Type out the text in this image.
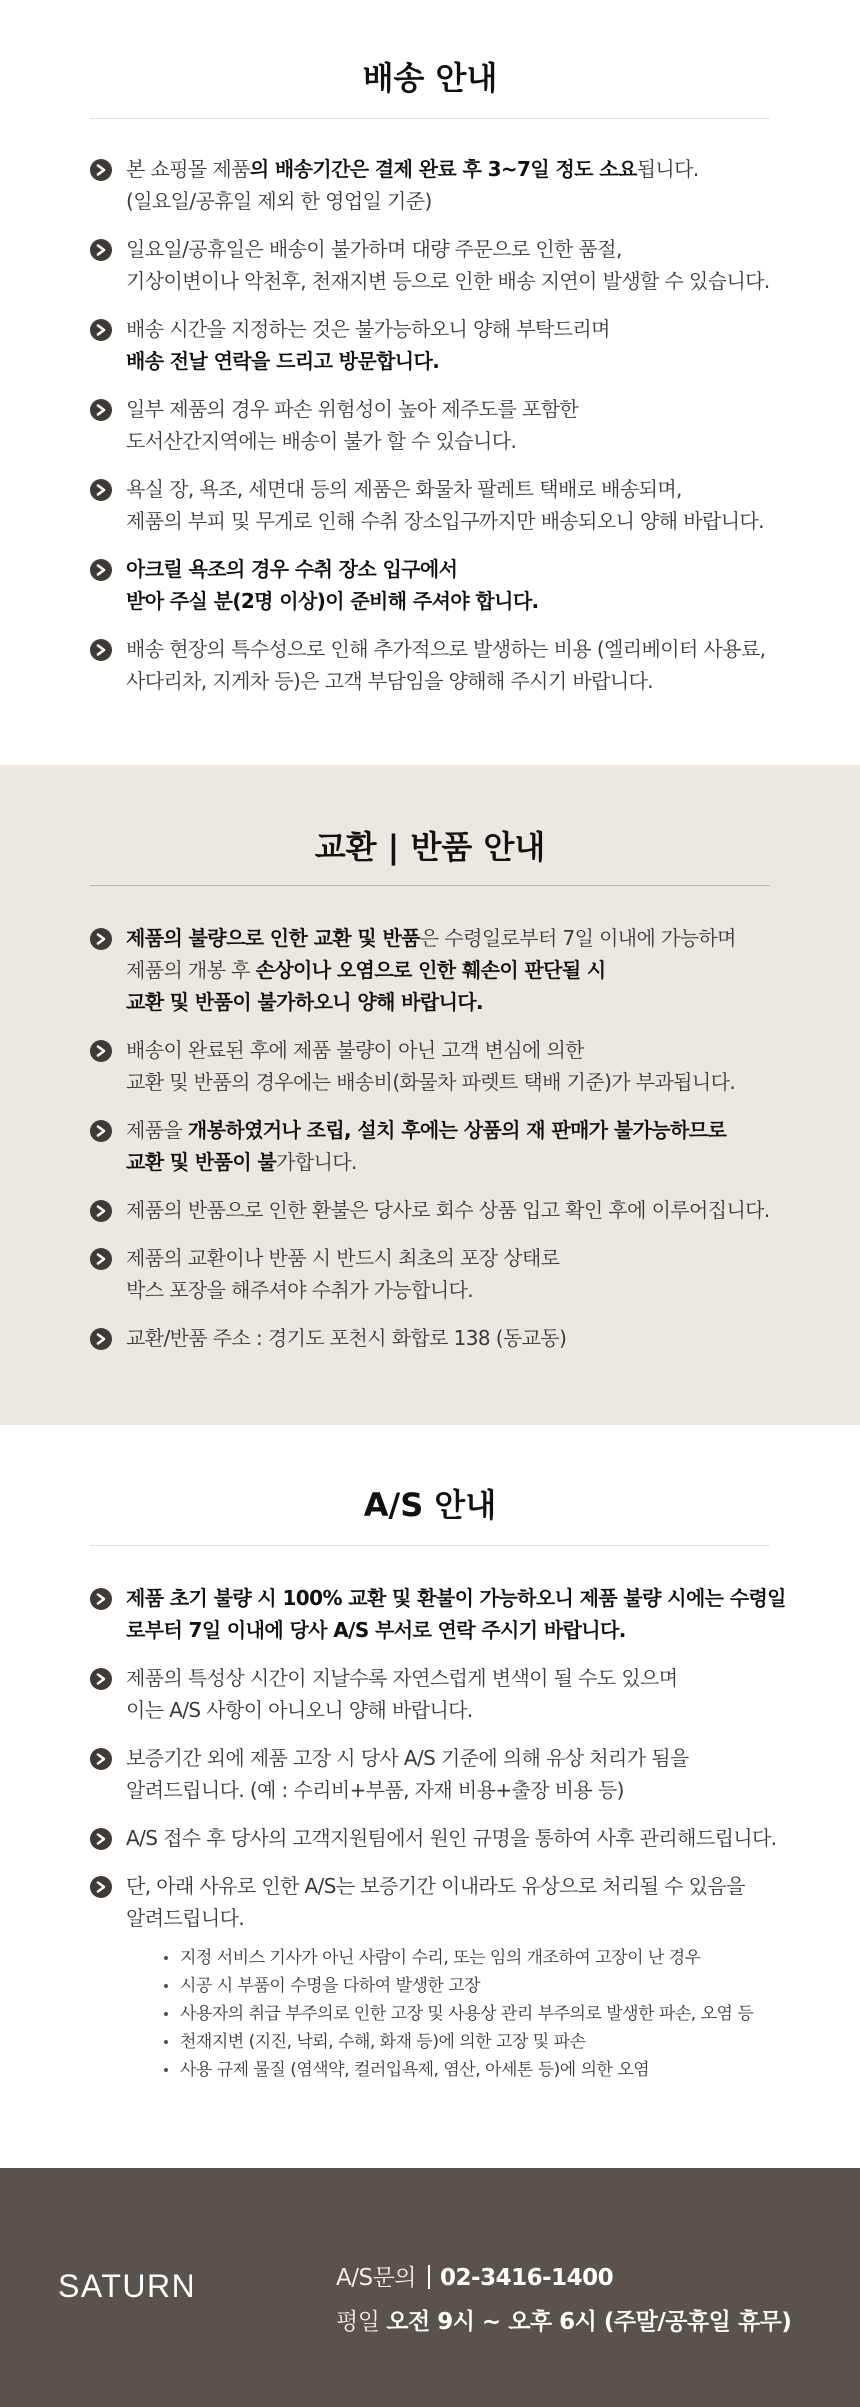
배송 안내
본 쇼핑몰 제품의 배송기간은 결제 완료 후 3~7일 정도 소요됩니다.
(일요일/공휴일 제외 한 영업일 기준)
일요일/공휴일은 배송이 불가하며 대량 주문으로 인한 품절,
기상이변이나 악천후, 천재지변 등으로 인한 배송 지연이 발생할 수 있습니다.
배송 시간을 지정하는 것은 불가능하오니 양해 부탁드리며
배송 전날 연락을 드리고 방문합니다.
일부 제품의 경우 파손 위험성이 높아 제주도를 포함한
도서산간지역에는 배송이 불가 할 수 있습니다.
욕실 장, 욕조, 세면대 등의 제품은 화물차 팔레트 택배로 배송되며,
제품의 부피 및 무게로 인해 수취 장소입구까지만 배송되오니 양해 바랍니다.
아크릴 욕조의 경우 수취 장소 입구에서
받아 주실 분(2명 이상)이 준비해 주셔야 합니다.
배송 현장의 특수성으로 인해 추가적으로 발생하는 비용 (엘리베이터 사용료,
사다리차, 지게차 등)은 고객 부담임을 양해해 주시기 바랍니다.
교환 | 반품 안내
제품의 불량으로 인한 교환 및 반품은 수령일로부터 7일 이내에 가능하며
제품의 개봉 후 손상이나 오염으로 인한 훼손이 판단될 시
교환 및 반품이 불가하오니 양해 바랍니다.
배송이 완료된 후에 제품 불량이 아닌 고객 변심에 의한
교환 및 반품의 경우에는 배송비(화물차 파렛트 택배 기준)가 부과됩니다.
제품을 개봉하였거나 조립, 설치 후에는 상품의 재 판매가 불가능하므로
교환 및 반품이 불가합니다.
제품의 반품으로 인한 환불은 당사로 회수 상품 입고 확인 후에 이루어집니다.
제품의 교환이나 반품 시 반드시 최초의 포장 상태로
박스 포장을 해주셔야 수취가 가능합니다.
교환/반품 주소 : 경기도 포천시 화합로 138 (동교동)
A/S 안내
제품 초기 불량 시 100% 교환 및 환불이 가능하오니 제품 불량 시에는 수령일
로부터 7일 이내에 당사 A/S 부서로 연락 주시기 바랍니다.
제품의 특성상 시간이 지날수록 자연스럽게 변색이 될 수도 있으며
이는 A/S 사항이 아니오니 양해 바랍니다.
보증기간 외에 제품 고장 시 당사 A/S 기준에 의해 유상 처리가 됨을
알려드립니다. (예 : 수리비+부품, 자재 비용+출장 비용 등)
A/S 접수 후 당사의 고객지원팀에서 원인 규명을 통하여 사후 관리해드립니다.
단, 아래 사유로 인한 A/S는 보증기간 이내라도 유상으로 처리될 수 있음을
알려드립니다.
지정 서비스 기사가 아닌 사람이 수리, 또는 임의 개조하여 고장이 난 경우
시공 시 부품이 수명을 다하여 발생한 고장
사용자의 취급 부주의로 인한 고장 및 사용상 관리 부주의로 발생한 파손, 오염 등
천재지변 (지진, 낙뢰, 수해, 화재 등)에 의한 고장 및 파손
사용 규제 물질 (염색약, 컬러입욕제, 염산, 아세톤 등)에 의한 오염
SATURN	A/S문의 02-3416-1400
평일 오전 9시 ~ 오후 6시 (주말/공휴일 휴무)
